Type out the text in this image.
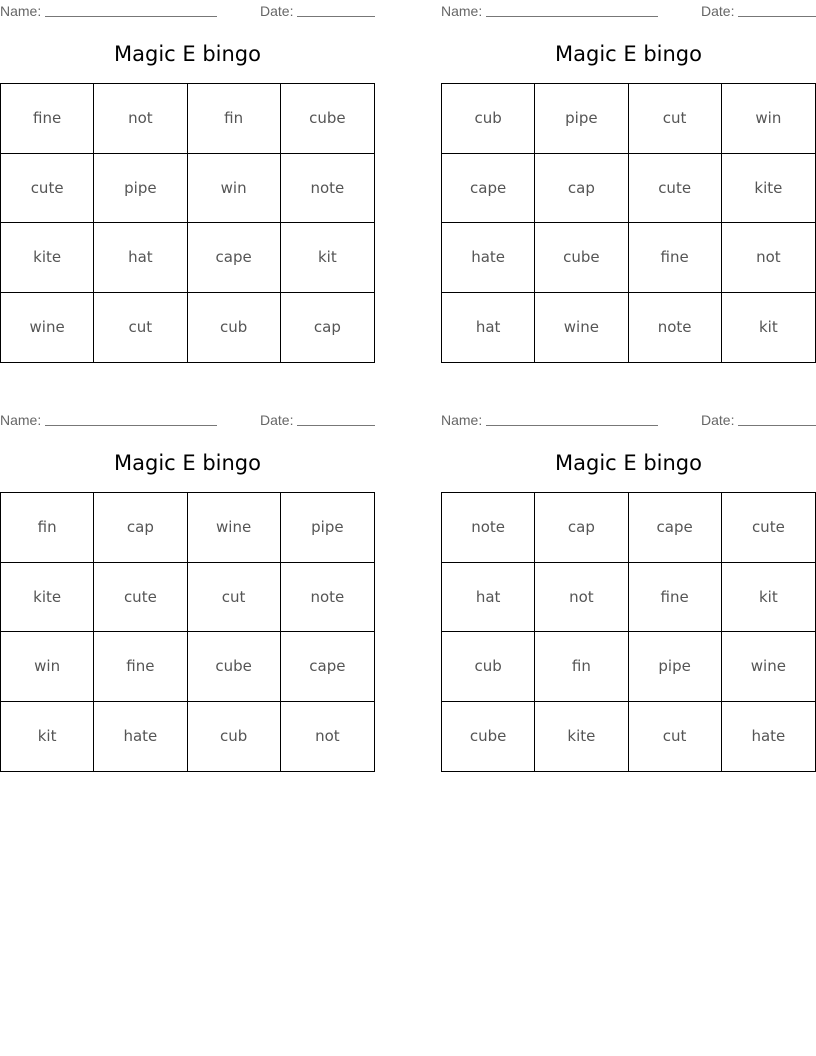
Name:	Date:
Magic E bingo
fine	not	fin	cube
cute	pipe	win	note
kite	hat	cape	kit
wine	cut	cub	cap
Name:	Date:
Magic E bingo
cub	pipe	cut	win
cape	cap	cute	kite
hate	cube	fine	not
hat	wine	note	kit
Name:	Date:
Magic E bingo
fin	cap	wine	pipe
kite	cute	cut	note
win	fine	cube	cape
kit	hate	cub	not
Name:	Date:
Magic E bingo
note	cap	cape	cute
hat	not	fine	kit
cub	fin	pipe	wine
cube	kite	cut	hate
